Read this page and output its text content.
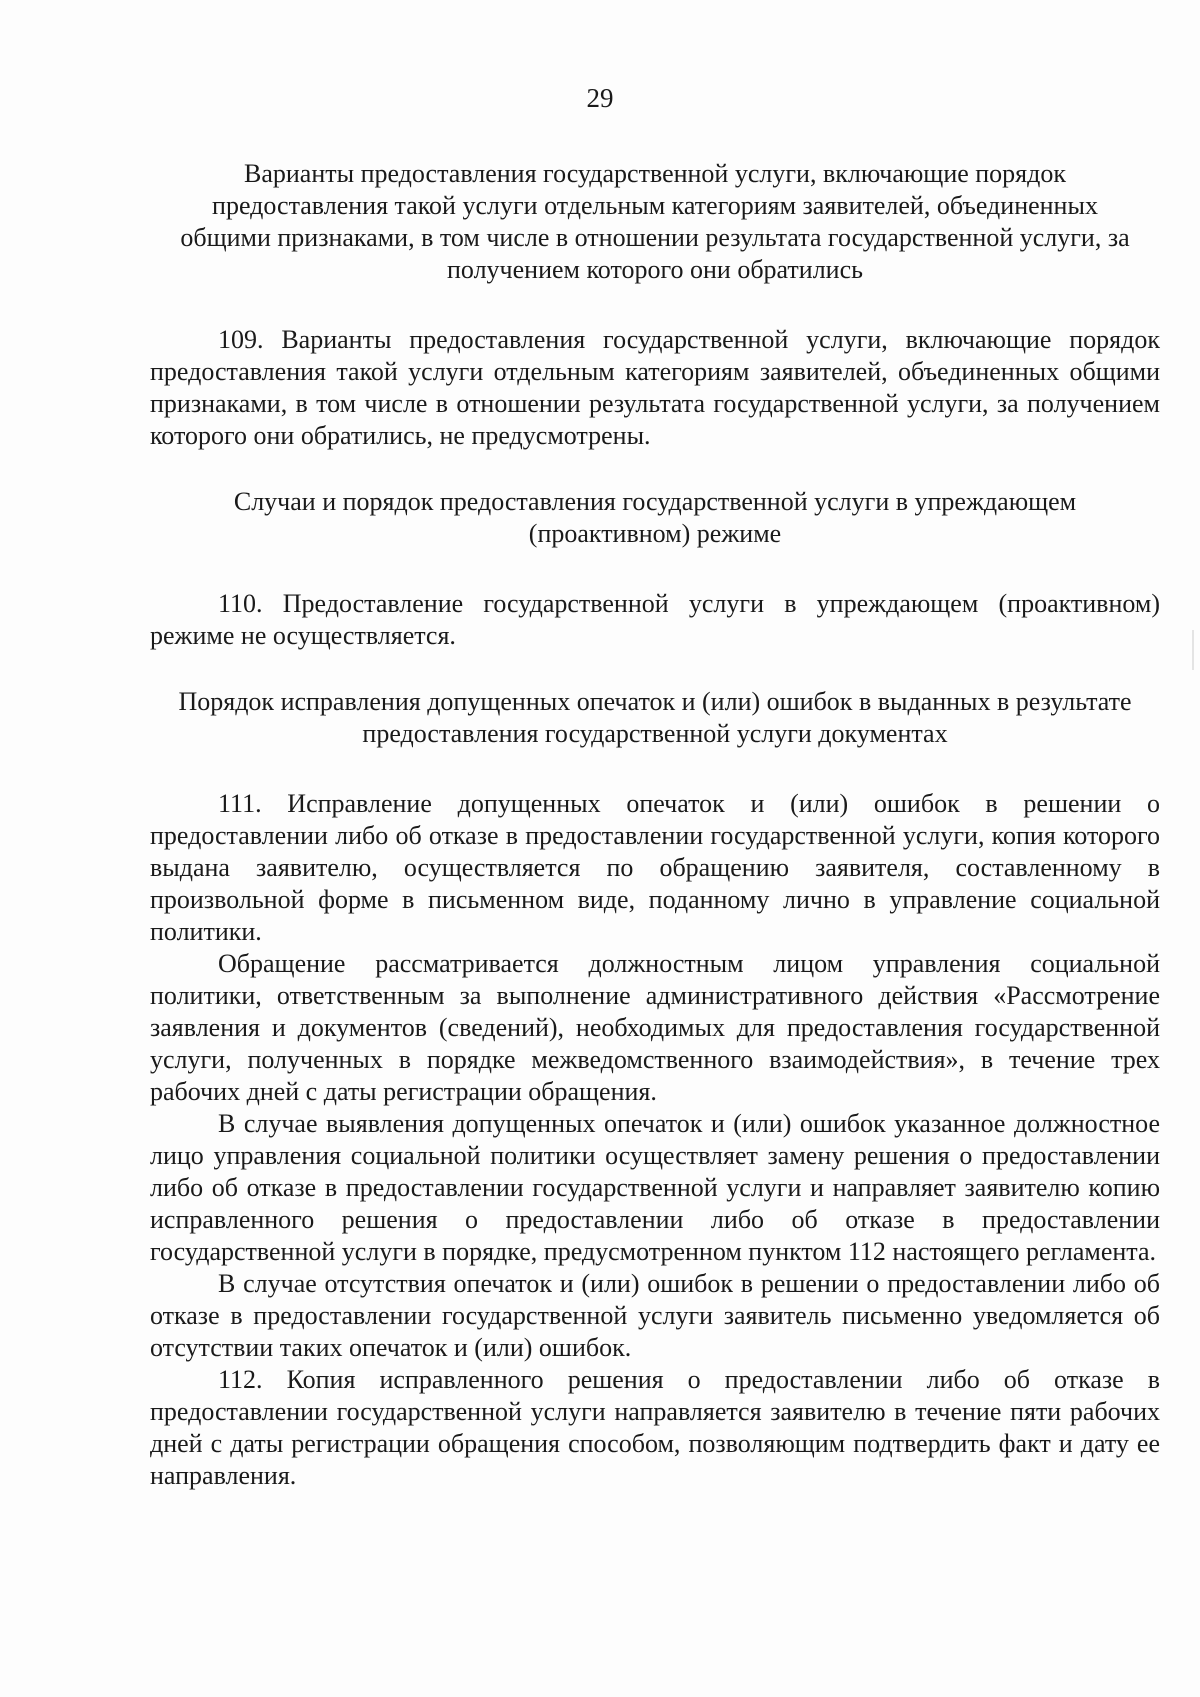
29
Варианты предоставления государственной услуги, включающие порядок предоставления такой услуги отдельным категориям заявителей, объединенных общими признаками, в том числе в отношении результата государственной услуги, за получением которого они обратились

109. Варианты предоставления государственной услуги, включающие порядок предоставления такой услуги отдельным категориям заявителей, объединенных общими признаками, в том числе в отношении результата государственной услуги, за получением которого они обратились, не предусмотрены.

Случаи и порядок предоставления государственной услуги в упреждающем (проактивном) режиме

110. Предоставление государственной услуги в упреждающем (проактивном) режиме не осуществляется.

Порядок исправления допущенных опечаток и (или) ошибок в выданных в результате предоставления государственной услуги документах

111. Исправление допущенных опечаток и (или) ошибок в решении о предоставлении либо об отказе в предоставлении государственной услуги, копия которого выдана заявителю, осуществляется по обращению заявителя, составленному в произвольной форме в письменном виде, поданному лично в управление социальной политики.

Обращение рассматривается должностным лицом управления социальной политики, ответственным за выполнение административного действия «Рассмотрение заявления и документов (сведений), необходимых для предоставления государственной услуги, полученных в порядке межведомственного взаимодействия», в течение трех рабочих дней с даты регистрации обращения.

В случае выявления допущенных опечаток и (или) ошибок указанное должностное лицо управления социальной политики осуществляет замену решения о предоставлении либо об отказе в предоставлении государственной услуги и направляет заявителю копию исправленного решения о предоставлении либо об отказе в предоставлении государственной услуги в порядке, предусмотренном пунктом 112 настоящего регламента.

В случае отсутствия опечаток и (или) ошибок в решении о предоставлении либо об отказе в предоставлении государственной услуги заявитель письменно уведомляется об отсутствии таких опечаток и (или) ошибок.

112. Копия исправленного решения о предоставлении либо об отказе в предоставлении государственной услуги направляется заявителю в течение пяти рабочих дней с даты регистрации обращения способом, позволяющим подтвердить факт и дату ее направления.
